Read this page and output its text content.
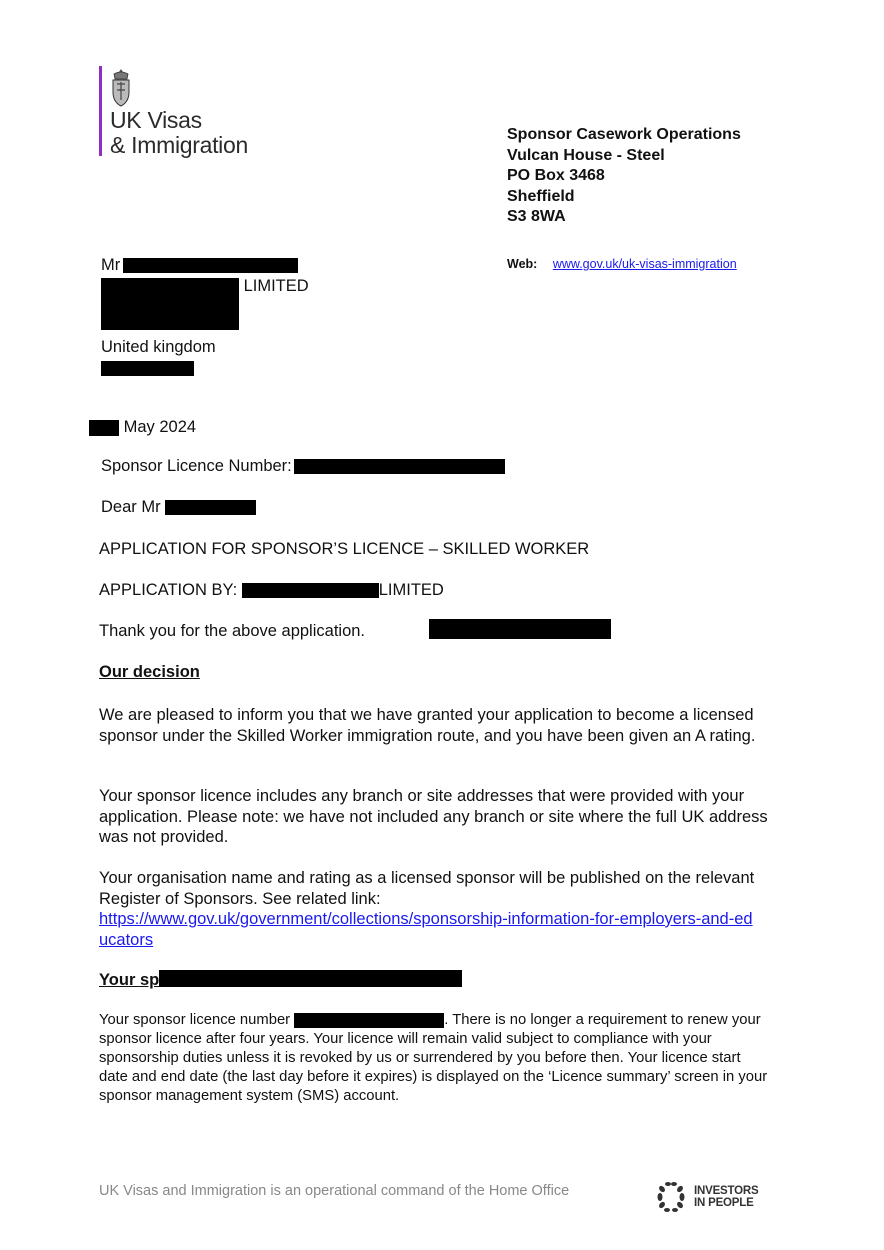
UK Visas
& Immigration	Sponsor Casework Operations
Vulcan House - Steel
PO Box 3468
Sheffield
S3 8WA
Web: www.gov.uk/uk-visas-immigration
Mr
LIMITED
United kingdom
May 2024
Sponsor Licence Number:
Dear Mr
APPLICATION FOR SPONSOR’S LICENCE – SKILLED WORKER
APPLICATION BY:	LIMITED
Thank you for the above application.
Our decision
We are pleased to inform you that we have granted your application to become a licensed sponsor under the Skilled Worker immigration route, and you have been given an A rating.
Your sponsor licence includes any branch or site addresses that were provided with your application. Please note: we have not included any branch or site where the full UK address was not provided.
Your organisation name and rating as a licensed sponsor will be published on the relevant Register of Sponsors. See related link:
https://www.gov.uk/government/collections/sponsorship-information-for-employers-and-educators
Your sp
Your sponsor licence number	. There is no longer a requirement to renew your sponsor licence after four years. Your licence will remain valid subject to compliance with your sponsorship duties unless it is revoked by us or surrendered by you before then. Your licence start date and end date (the last day before it expires) is displayed on the ‘Licence summary’ screen in your sponsor management system (SMS) account.
UK Visas and Immigration is an operational command of the Home Office	INVESTORS
IN PEOPLE
